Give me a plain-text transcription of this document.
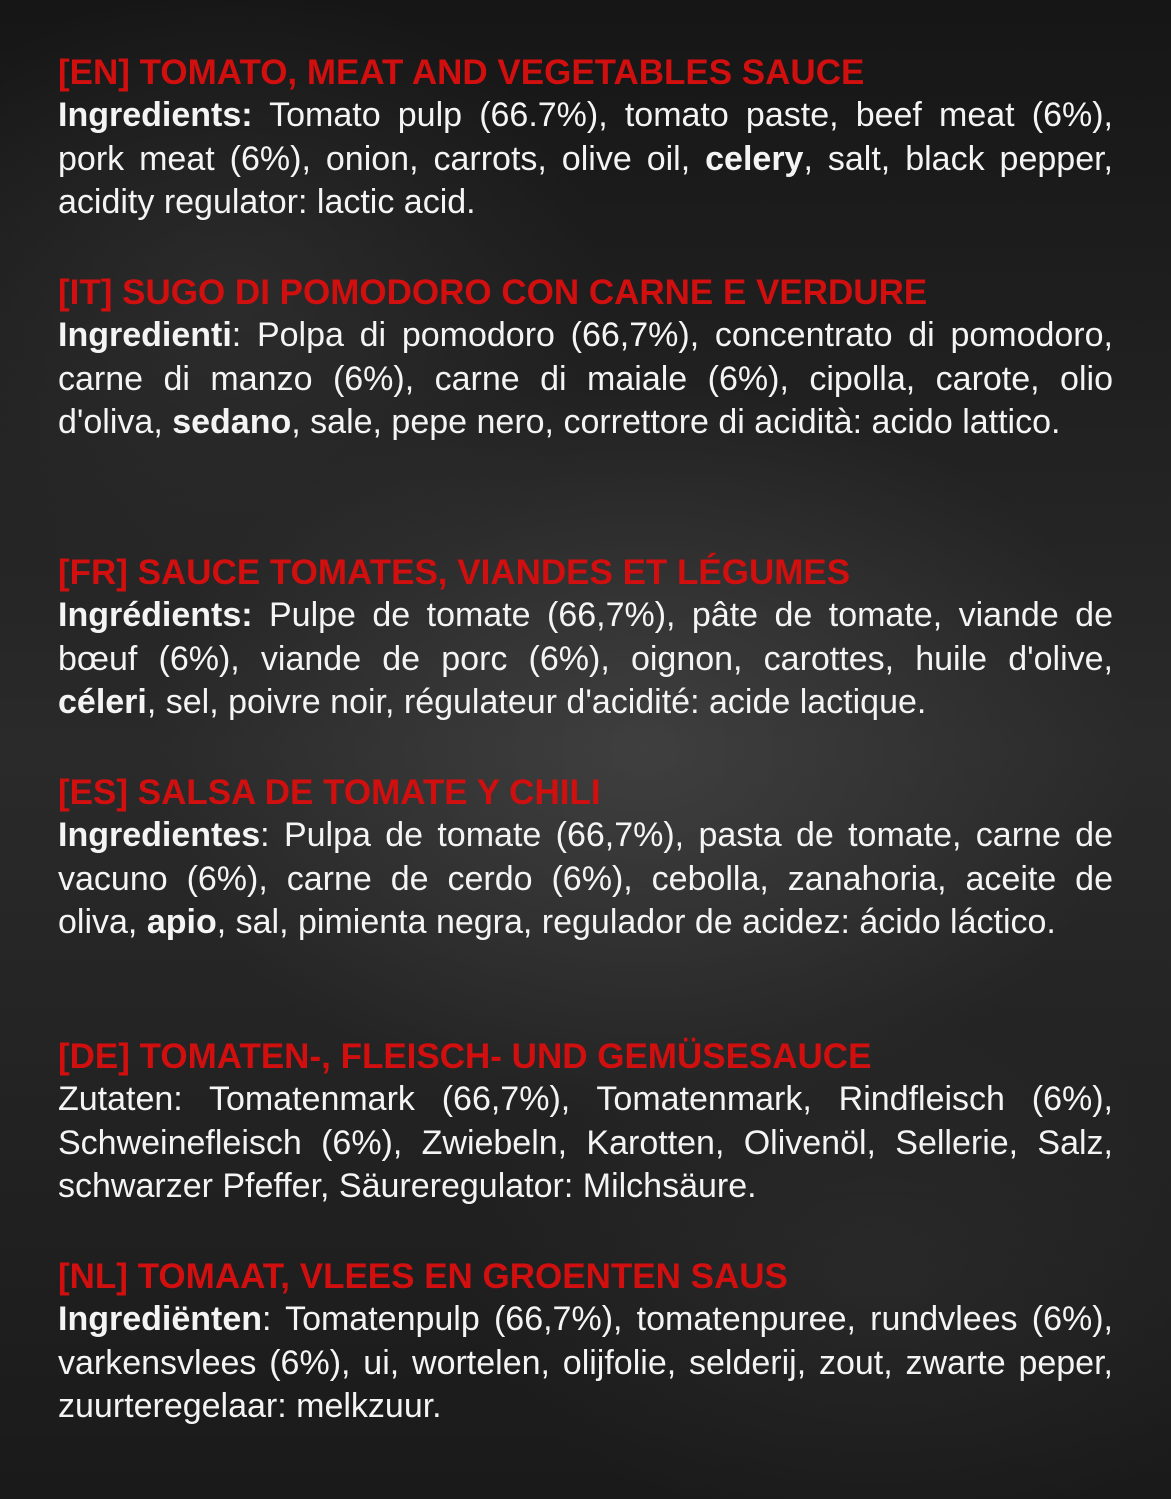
[EN] TOMATO, MEAT AND VEGETABLES SAUCE

Ingredients: Tomato pulp (66.7%), tomato paste, beef meat (6%), pork meat (6%), onion, carrots, olive oil, celery, salt, black pepper, acidity regulator: lactic acid.

[IT] SUGO DI POMODORO CON CARNE E VERDURE

Ingredienti: Polpa di pomodoro (66,7%), concentrato di pomodoro, carne di manzo (6%), carne di maiale (6%), cipolla, carote, olio d'oliva, sedano, sale, pepe nero, correttore di acidità: acido lattico.

[FR] SAUCE TOMATES, VIANDES ET LÉGUMES

Ingrédients: Pulpe de tomate (66,7%), pâte de tomate, viande de bœuf (6%), viande de porc (6%), oignon, carottes, huile d'olive, céleri, sel, poivre noir, régulateur d'acidité: acide lactique.

[ES] SALSA DE TOMATE Y CHILI

Ingredientes: Pulpa de tomate (66,7%), pasta de tomate, carne de vacuno (6%), carne de cerdo (6%), cebolla, zanahoria, aceite de oliva, apio, sal, pimienta negra, regulador de acidez: ácido láctico.

[DE] TOMATEN-, FLEISCH- UND GEMÜSESAUCE

Zutaten: Tomatenmark (66,7%), Tomatenmark, Rindfleisch (6%), Schweinefleisch (6%), Zwiebeln, Karotten, Olivenöl, Sellerie, Salz, schwarzer Pfeffer, Säureregulator: Milchsäure.

[NL] TOMAAT, VLEES EN GROENTEN SAUS

Ingrediënten: Tomatenpulp (66,7%), tomatenpuree, rundvlees (6%), varkensvlees (6%), ui, wortelen, olijfolie, selderij, zout, zwarte peper, zuurteregelaar: melkzuur.
